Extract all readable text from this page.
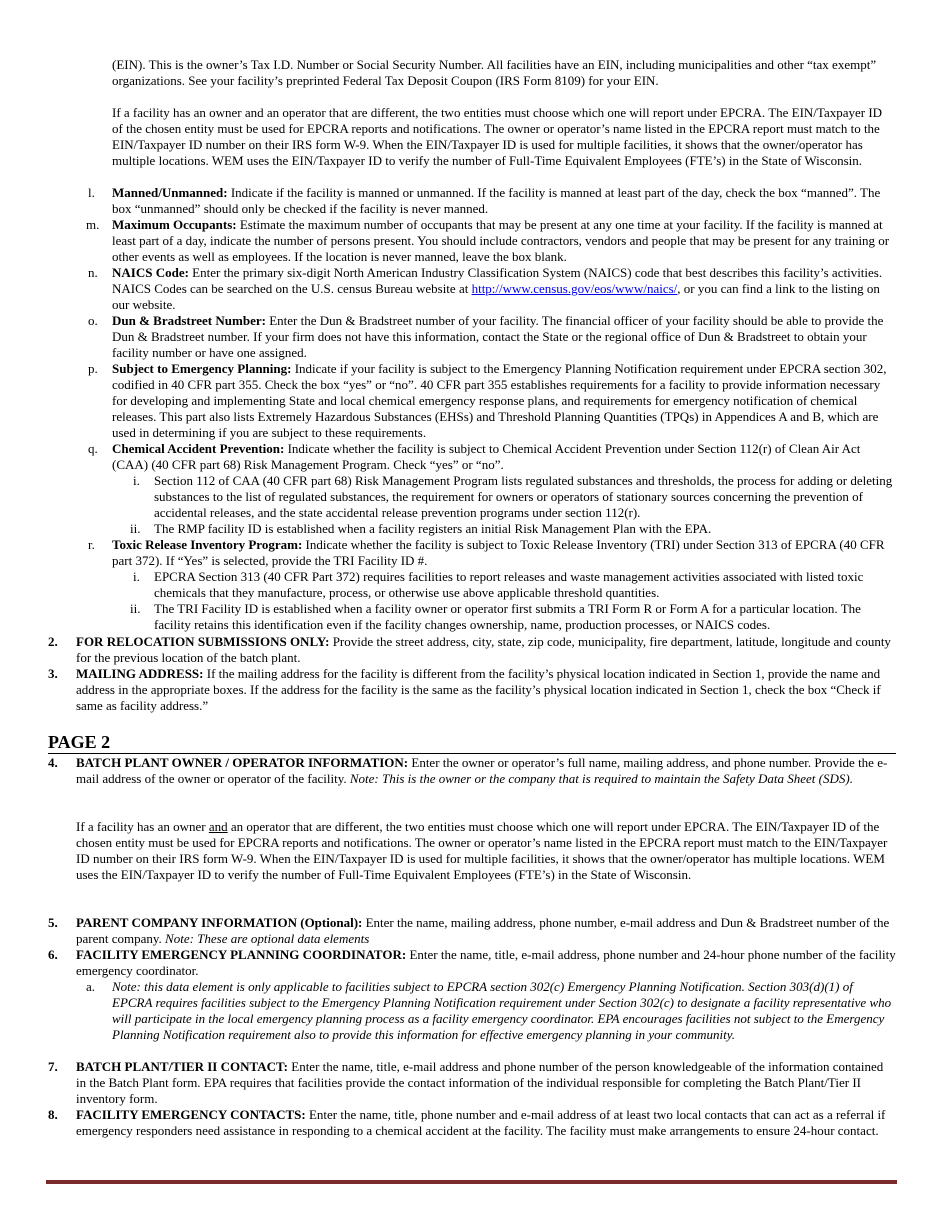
(EIN). This is the owner’s Tax I.D. Number or Social Security Number. All facilities have an EIN, including municipalities and other “tax exempt” organizations. See your facility’s preprinted Federal Tax Deposit Coupon (IRS Form 8109) for your EIN.

If a facility has an owner and an operator that are different, the two entities must choose which one will report under EPCRA. The EIN/Taxpayer ID of the chosen entity must be used for EPCRA reports and notifications. The owner or operator’s name listed in the EPCRA report must match to the EIN/Taxpayer ID number on their IRS form W-9. When the EIN/Taxpayer ID is used for multiple facilities, it shows that the owner/operator has multiple locations. WEM uses the EIN/Taxpayer ID to verify the number of Full-Time Equivalent Employees (FTE’s) in the State of Wisconsin.

l. Manned/Unmanned: Indicate if the facility is manned or unmanned. If the facility is manned at least part of the day, check the box “manned”. The box “unmanned” should only be checked if the facility is never manned.

m. Maximum Occupants: Estimate the maximum number of occupants that may be present at any one time at your facility. If the facility is manned at least part of a day, indicate the number of persons present. You should include contractors, vendors and people that may be present for any training or other events as well as employees. If the location is never manned, leave the box blank.

n. NAICS Code: Enter the primary six-digit North American Industry Classification System (NAICS) code that best describes this facility’s activities. NAICS Codes can be searched on the U.S. census Bureau website at http://www.census.gov/eos/www/naics/, or you can find a link to the listing on our website.

o. Dun & Bradstreet Number: Enter the Dun & Bradstreet number of your facility. The financial officer of your facility should be able to provide the Dun & Bradstreet number. If your firm does not have this information, contact the State or the regional office of Dun & Bradstreet to obtain your facility number or have one assigned.

p. Subject to Emergency Planning: Indicate if your facility is subject to the Emergency Planning Notification requirement under EPCRA section 302, codified in 40 CFR part 355. Check the box “yes” or “no”. 40 CFR part 355 establishes requirements for a facility to provide information necessary for developing and implementing State and local chemical emergency response plans, and requirements for emergency notification of chemical releases. This part also lists Extremely Hazardous Substances (EHSs) and Threshold Planning Quantities (TPQs) in Appendices A and B, which are used in determining if you are subject to these requirements.

q. Chemical Accident Prevention: Indicate whether the facility is subject to Chemical Accident Prevention under Section 112(r) of Clean Air Act (CAA) (40 CFR part 68) Risk Management Program. Check “yes” or “no”.

i. Section 112 of CAA (40 CFR part 68) Risk Management Program lists regulated substances and thresholds, the process for adding or deleting substances to the list of regulated substances, the requirement for owners or operators of stationary sources concerning the prevention of accidental releases, and the state accidental release prevention programs under section 112(r).

ii. The RMP facility ID is established when a facility registers an initial Risk Management Plan with the EPA.

r. Toxic Release Inventory Program: Indicate whether the facility is subject to Toxic Release Inventory (TRI) under Section 313 of EPCRA (40 CFR part 372). If “Yes” is selected, provide the TRI Facility ID #.

i. EPCRA Section 313 (40 CFR Part 372) requires facilities to report releases and waste management activities associated with listed toxic chemicals that they manufacture, process, or otherwise use above applicable threshold quantities.

ii. The TRI Facility ID is established when a facility owner or operator first submits a TRI Form R or Form A for a particular location. The facility retains this identification even if the facility changes ownership, name, production processes, or NAICS codes.

2. FOR RELOCATION SUBMISSIONS ONLY: Provide the street address, city, state, zip code, municipality, fire department, latitude, longitude and county for the previous location of the batch plant.

3. MAILING ADDRESS: If the mailing address for the facility is different from the facility’s physical location indicated in Section 1, provide the name and address in the appropriate boxes. If the address for the facility is the same as the facility’s physical location indicated in Section 1, check the box “Check if same as facility address.”

PAGE 2
4. BATCH PLANT OWNER / OPERATOR INFORMATION: Enter the owner or operator’s full name, mailing address, and phone number. Provide the e-mail address of the owner or operator of the facility. Note: This is the owner or the company that is required to maintain the Safety Data Sheet (SDS).

If a facility has an owner and an operator that are different, the two entities must choose which one will report under EPCRA. The EIN/Taxpayer ID of the chosen entity must be used for EPCRA reports and notifications. The owner or operator’s name listed in the EPCRA report must match to the EIN/Taxpayer ID number on their IRS form W-9. When the EIN/Taxpayer ID is used for multiple facilities, it shows that the owner/operator has multiple locations. WEM uses the EIN/Taxpayer ID to verify the number of Full-Time Equivalent Employees (FTE’s) in the State of Wisconsin.

5. PARENT COMPANY INFORMATION (Optional): Enter the name, mailing address, phone number, e-mail address and Dun & Bradstreet number of the parent company. Note: These are optional data elements

6. FACILITY EMERGENCY PLANNING COORDINATOR: Enter the name, title, e-mail address, phone number and 24-hour phone number of the facility emergency coordinator.

a. Note: this data element is only applicable to facilities subject to EPCRA section 302(c) Emergency Planning Notification. Section 303(d)(1) of EPCRA requires facilities subject to the Emergency Planning Notification requirement under Section 302(c) to designate a facility representative who will participate in the local emergency planning process as a facility emergency coordinator. EPA encourages facilities not subject to the Emergency Planning Notification requirement also to provide this information for effective emergency planning in your community.

7. BATCH PLANT/TIER II CONTACT: Enter the name, title, e-mail address and phone number of the person knowledgeable of the information contained in the Batch Plant form. EPA requires that facilities provide the contact information of the individual responsible for completing the Batch Plant/Tier II inventory form.

8. FACILITY EMERGENCY CONTACTS: Enter the name, title, phone number and e-mail address of at least two local contacts that can act as a referral if emergency responders need assistance in responding to a chemical accident at the facility. The facility must make arrangements to ensure 24-hour contact.
